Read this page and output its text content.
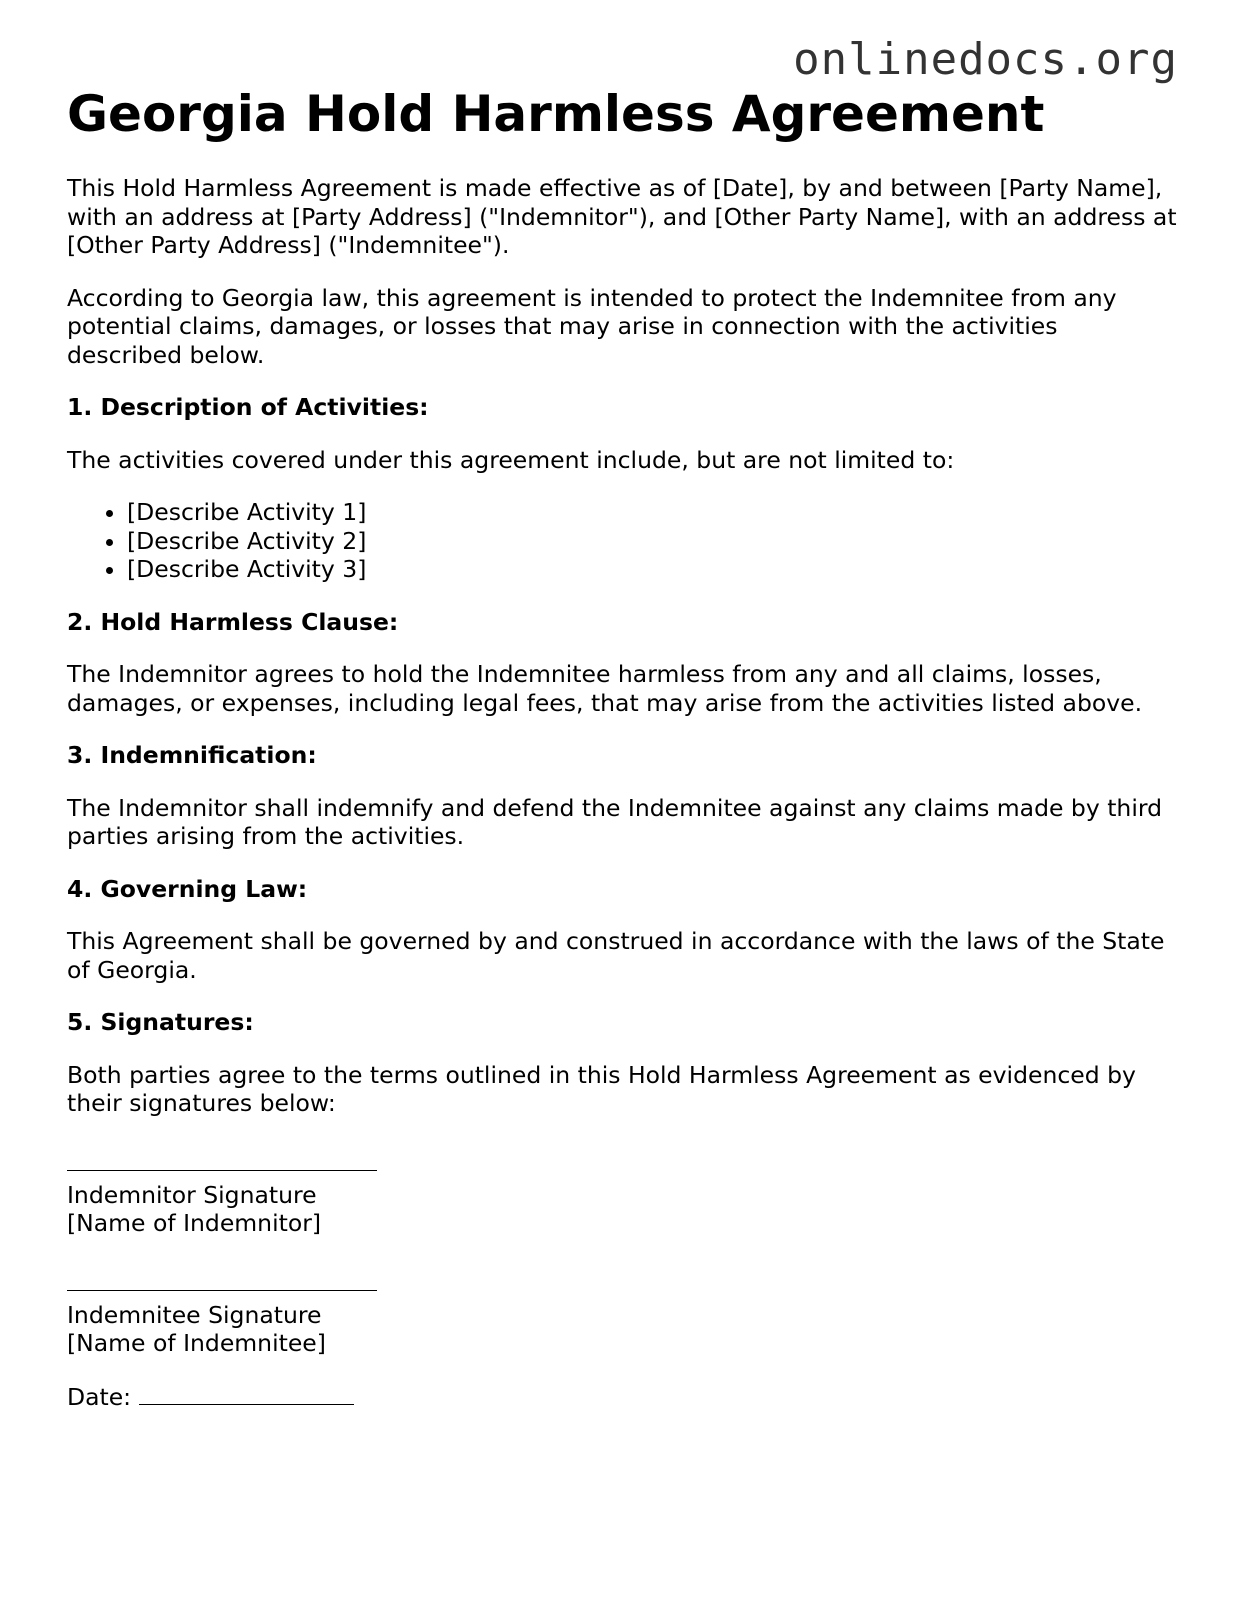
onlinedocs.org
Georgia Hold Harmless Agreement

This Hold Harmless Agreement is made effective as of [Date], by and between [Party Name], with an address at [Party Address] ("Indemnitor"), and [Other Party Name], with an address at [Other Party Address] ("Indemnitee").

According to Georgia law, this agreement is intended to protect the Indemnitee from any potential claims, damages, or losses that may arise in connection with the activities described below.

1. Description of Activities:

The activities covered under this agreement include, but are not limited to:

• [Describe Activity 1]
• [Describe Activity 2]
• [Describe Activity 3]
2. Hold Harmless Clause:

The Indemnitor agrees to hold the Indemnitee harmless from any and all claims, losses, damages, or expenses, including legal fees, that may arise from the activities listed above.

3. Indemnification:

The Indemnitor shall indemnify and defend the Indemnitee against any claims made by third parties arising from the activities.

4. Governing Law:

This Agreement shall be governed by and construed in accordance with the laws of the State of Georgia.

5. Signatures:

Both parties agree to the terms outlined in this Hold Harmless Agreement as evidenced by their signatures below:

Indemnitor Signature
[Name of Indemnitor]
Indemnitee Signature
[Name of Indemnitee]
Date:
